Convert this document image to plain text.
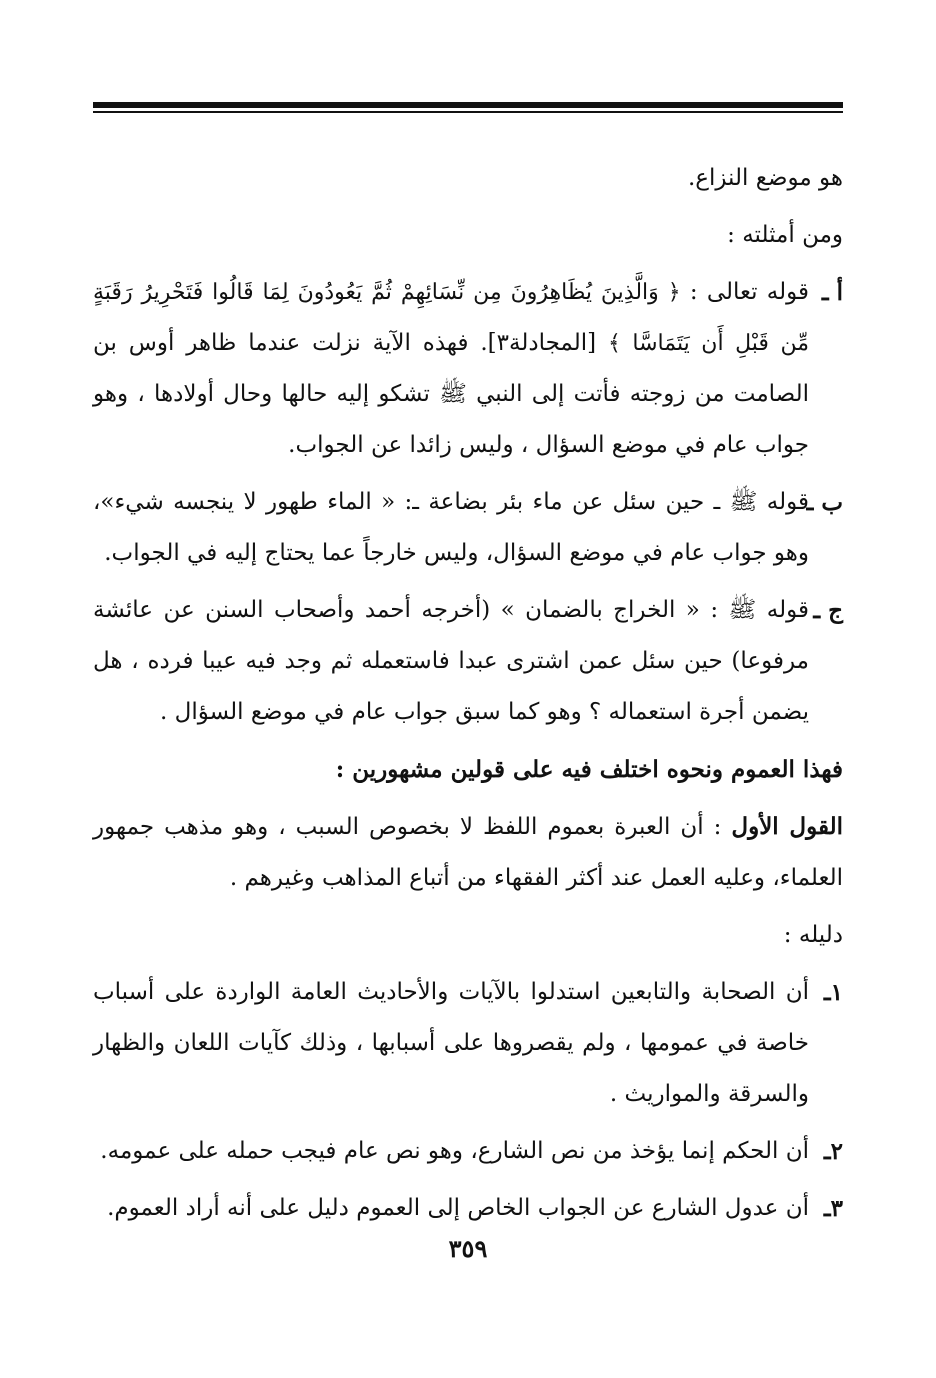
هو موضع النزاع.

ومن أمثلته :

أ ـ
قوله تعالى : ﴿ وَالَّذِينَ يُظَاهِرُونَ مِن نِّسَائِهِمْ ثُمَّ يَعُودُونَ لِمَا قَالُوا فَتَحْرِيرُ رَقَبَةٍ مِّن قَبْلِ أَن يَتَمَاسَّا ﴾ [المجادلة٣]. فهذه الآية نزلت عندما ظاهر أوس بن الصامت من زوجته فأتت إلى النبي ﷺ تشكو إليه حالها وحال أولادها ، وهو جواب عام في موضع السؤال ، وليس زائدا عن الجواب.
ب ـ
قوله ﷺ ـ حين سئل عن ماء بئر بضاعة ـ: « الماء طهور لا ينجسه شيء»، وهو جواب عام في موضع السؤال، وليس خارجاً عما يحتاج إليه في الجواب.
ج ـ
قوله ﷺ : « الخراج بالضمان » (أخرجه أحمد وأصحاب السنن عن عائشة مرفوعا) حين سئل عمن اشترى عبدا فاستعمله ثم وجد فيه عيبا فرده ، هل يضمن أجرة استعماله ؟ وهو كما سبق جواب عام في موضع السؤال .

فهذا العموم ونحوه اختلف فيه على قولين مشهورين :

القول الأول : أن العبرة بعموم اللفظ لا بخصوص السبب ، وهو مذهب جمهور العلماء، وعليه العمل عند أكثر الفقهاء من أتباع المذاهب وغيرهم .

دليله :

١ـ
أن الصحابة والتابعين استدلوا بالآيات والأحاديث العامة الواردة على أسباب خاصة في عمومها ، ولم يقصروها على أسبابها ، وذلك كآيات اللعان والظهار والسرقة والمواريث .
٢ـ
أن الحكم إنما يؤخذ من نص الشارع، وهو نص عام فيجب حمله على عمومه.
٣ـ
أن عدول الشارع عن الجواب الخاص إلى العموم دليل على أنه أراد العموم.
٣٥٩
